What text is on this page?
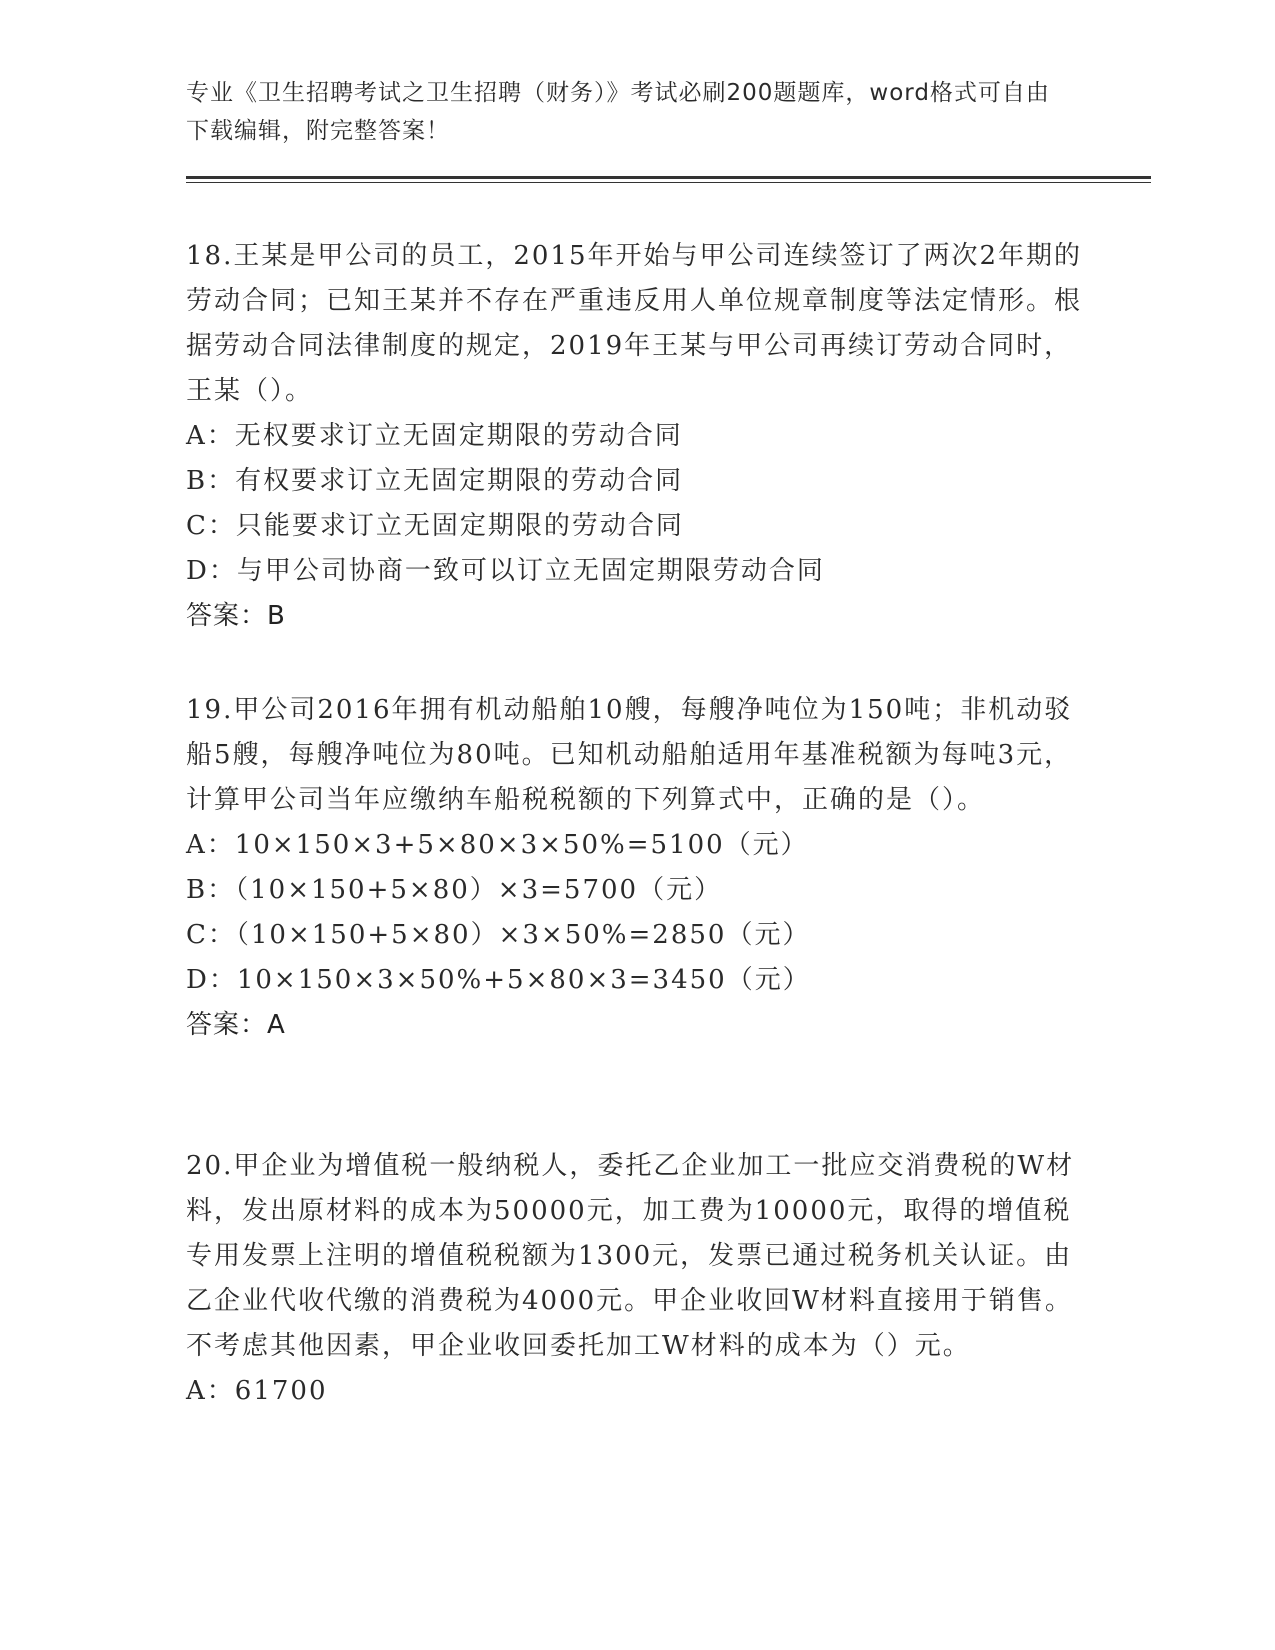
专业《卫生招聘考试之卫生招聘（财务）》考试必刷200题题库，word格式可自由下载编辑，附完整答案！
18.王某是甲公司的员工，2015年开始与甲公司连续签订了两次2年期的劳动合同；已知王某并不存在严重违反用人单位规章制度等法定情形。根据劳动合同法律制度的规定，2019年王某与甲公司再续订劳动合同时，王某（）。
A：无权要求订立无固定期限的劳动合同
B：有权要求订立无固定期限的劳动合同
C：只能要求订立无固定期限的劳动合同
D：与甲公司协商一致可以订立无固定期限劳动合同
答案：B
19.甲公司2016年拥有机动船舶10艘，每艘净吨位为150吨；非机动驳船5艘，每艘净吨位为80吨。已知机动船舶适用年基准税额为每吨3元，计算甲公司当年应缴纳车船税税额的下列算式中，正确的是（）。
A：10×150×3+5×80×3×50%=5100（元）
B：（10×150+5×80）×3=5700（元）
C：（10×150+5×80）×3×50%=2850（元）
D：10×150×3×50%+5×80×3=3450（元）
答案：A
20.甲企业为增值税一般纳税人，委托乙企业加工一批应交消费税的W材料，发出原材料的成本为50000元，加工费为10000元，取得的增值税专用发票上注明的增值税税额为1300元，发票已通过税务机关认证。由乙企业代收代缴的消费税为4000元。甲企业收回W材料直接用于销售。不考虑其他因素，甲企业收回委托加工W材料的成本为（）元。
A：61700
